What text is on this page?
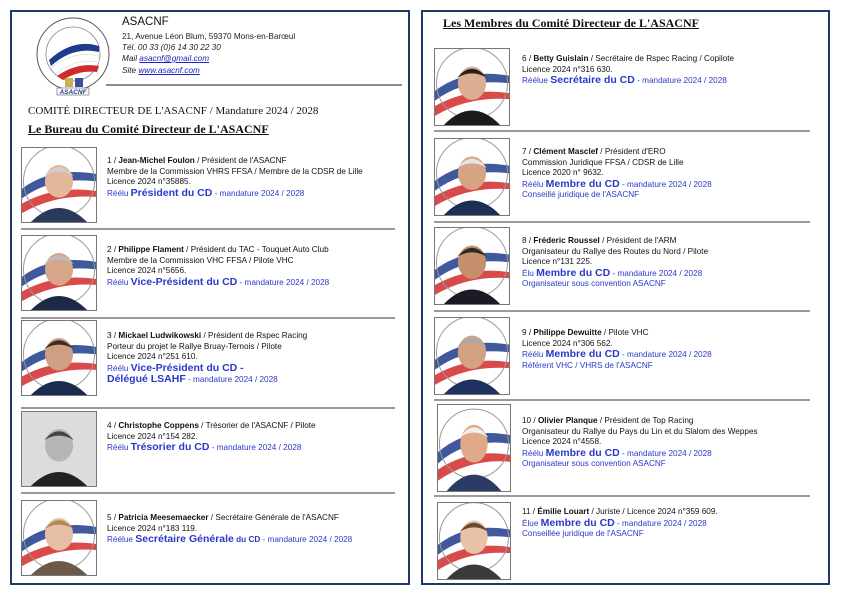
ASACNF
ASACNF
21, Avenue Léon Blum, 59370 Mons-en-Barœul
Tél. 00 33 (0)6 14 30 22 30
Mail asacnf@gmail.com
Site www.asacnf.com
COMITÉ DIRECTEUR DE L'ASACNF / Mandature 2024 / 2028
Le Bureau du Comité Directeur de L'ASACNF
1 / Jean-Michel Foulon / Président de l'ASACNF
Membre de la Commission VHRS FFSA / Membre de la CDSR de Lille
Licence 2024 n°35885.
Réélu Président du CD - mandature 2024 / 2028
2 / Philippe Flament / Président du TAC - Touquet Auto Club
Membre de la Commission VHC FFSA / Pilote VHC
Licence 2024 n°5656.
Réélu Vice-Président du CD - mandature 2024 / 2028
3 / Mickael Ludwikowski / Président de Rspec Racing
Porteur du projet le Rallye Bruay-Ternois / Pilote
Licence 2024 n°251 610.
Réélu Vice-Président du CD -
Délégué LSAHF - mandature 2024 / 2028
4 / Christophe Coppens / Trésorier de l'ASACNF / Pilote
Licence 2024 n°154 282.
Réélu Trésorier du CD - mandature 2024 / 2028
5 / Patricia Meesemaecker / Secrétaire Générale de l'ASACNF
Licence 2024 n°183 119.
Réélue Secrétaire Générale du CD - mandature 2024 / 2028
Les Membres du Comité Directeur de L'ASACNF
6 / Betty Guislain / Secrétaire de Rspec Racing / Copilote
Licence 2024 n°316 630.
Réélue Secrétaire du CD - mandature 2024 / 2028
7 / Clément Masclef / Président d'ERO
Commission Juridique FFSA / CDSR de Lille
Licence 2020 n° 9632.
Réélu Membre du CD - mandature 2024 / 2028
Conseillé juridique de l'ASACNF
8 / Fréderic Roussel / Président de l'ARM
Organisateur du Rallye des Routes du Nord / Pilote
Licence n°131 225.
Élu Membre du CD - mandature 2024 / 2028
Organisateur sous convention ASACNF
9 / Philippe Dewuitte / Pilote VHC
Licence 2024 n°306 562.
Réélu Membre du CD - mandature 2024 / 2028
Référent VHC / VHRS de l'ASACNF
10 / Olivier Planque / Président de Top Racing
Organisateur du Rallye du Pays du Lin et du Slalom des Weppes
Licence 2024 n°4558.
Réélu Membre du CD - mandature 2024 / 2028
Organisateur sous convention ASACNF
11 / Émilie Louart / Juriste / Licence 2024 n°359 609.
Élue Membre du CD - mandature 2024 / 2028
Conseillée juridique de l'ASACNF
